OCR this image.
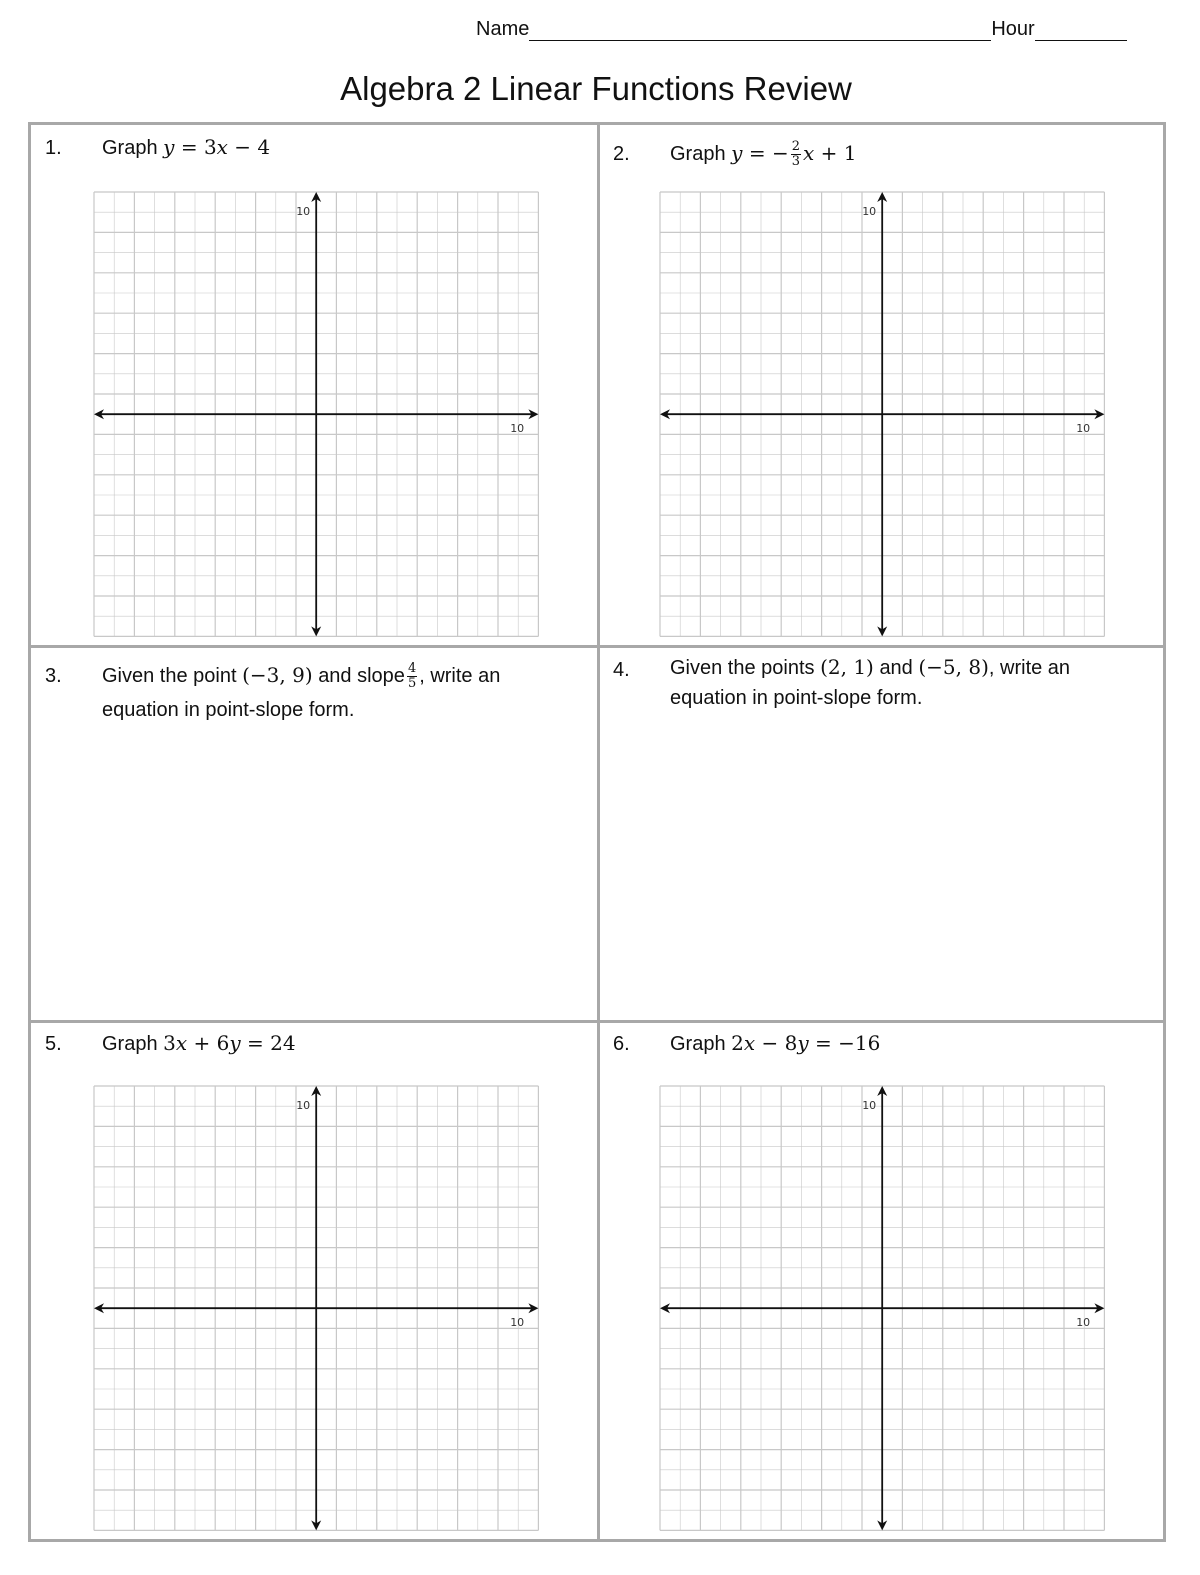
Name	Hour
Algebra 2 Linear Functions Review
1. Graph y = 3x − 4	2. Graph y = − $\frac{2}{3}$ x + 1
3. Given the point (−3, 9) and slope $\frac{4}{5}$ , write an
equation in point-slope form.
4. Given the points (2, 1) and (−5, 8), write an
equation in point-slope form.
5. Graph 3x + 6y = 24	6. Graph 2x − 8y = −16
10
10
10
10
10
10
10
10
